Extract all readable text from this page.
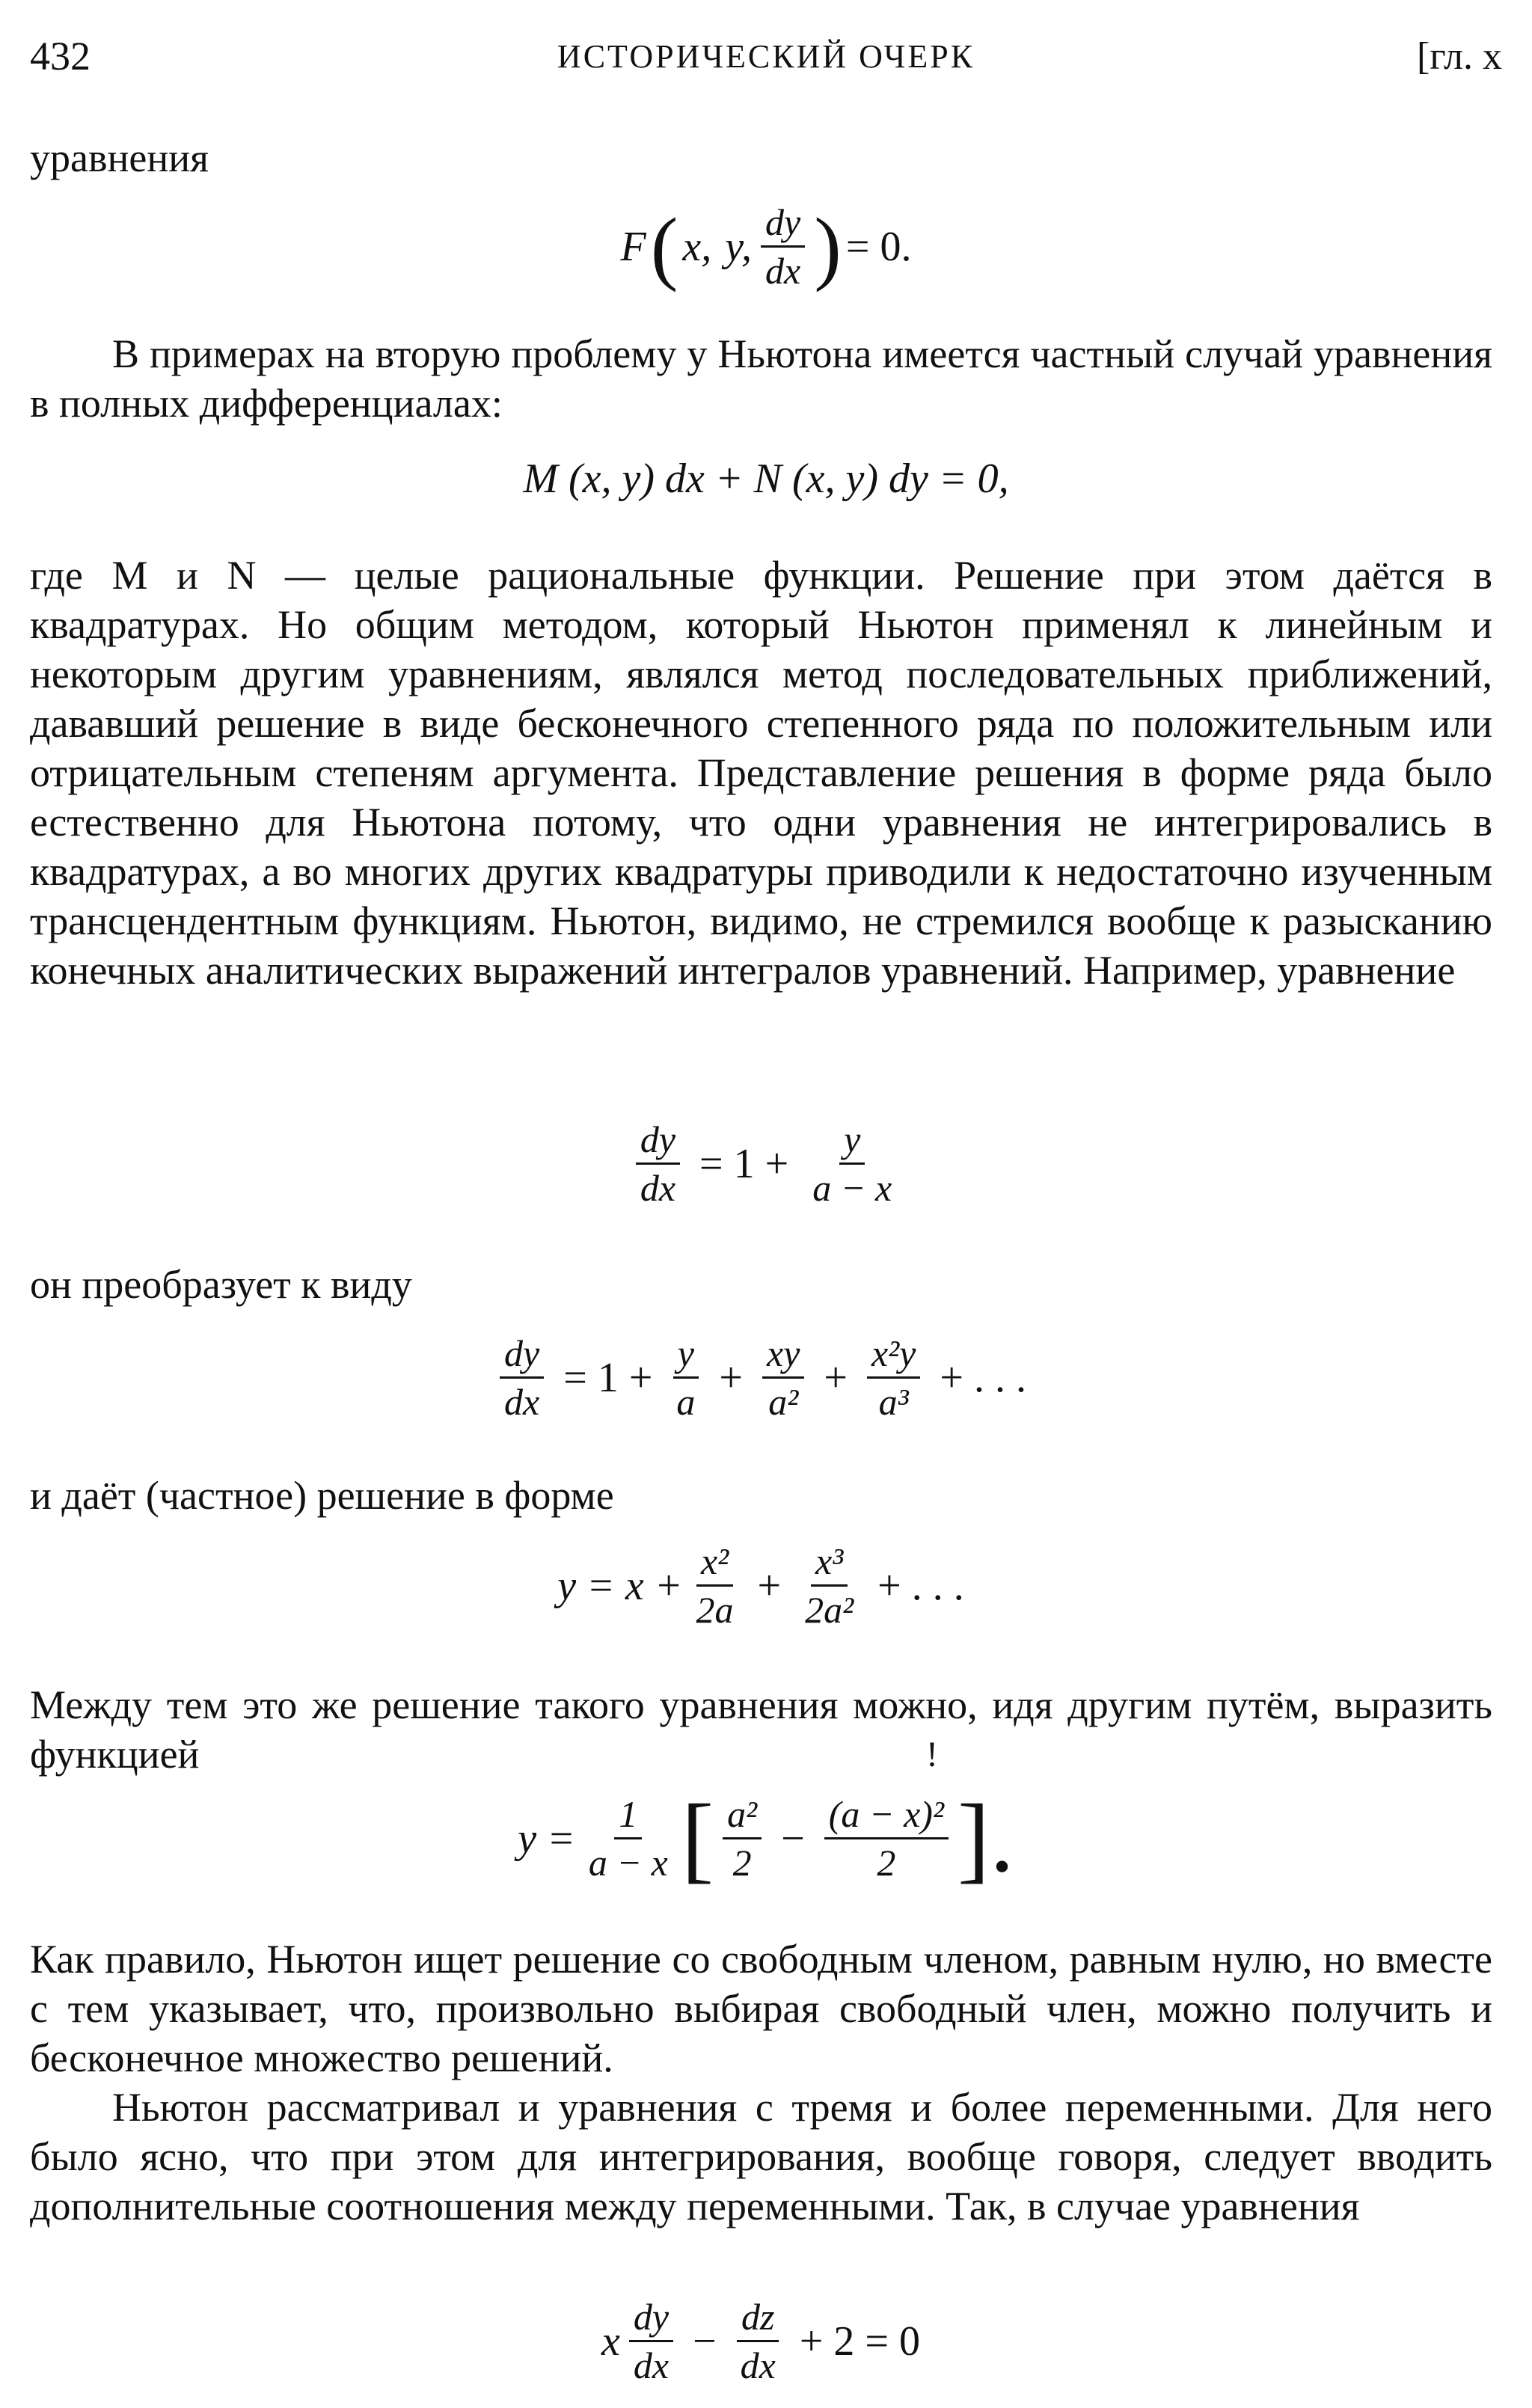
432	ИСТОРИЧЕСКИЙ ОЧЕРК	[гл. х
уравнения
F ( x, y, $\frac{dy}{dx}$ ) = 0.
В примерах на вторую проблему у Ньютона имеется частный случай уравнения в полных дифференциалах:
M (x, y) dx + N (x, y) dy = 0,
где M и N — целые рациональные функции. Решение при этом даётся в квадратурах. Но общим методом, который Ньютон применял к линейным и некоторым другим уравнениям, являлся метод последовательных приближений, дававший решение в виде бесконечного степенного ряда по положительным или отрицательным степеням аргумента. Представление решения в форме ряда было естественно для Ньютона потому, что одни уравнения не интегрировались в квадратурах, а во многих других квадратуры приводили к недостаточно изученным трансцендентным функциям. Ньютон, видимо, не стремился вообще к разысканию конечных аналитических выражений интегралов уравнений. Например, уравнение
$\frac{dy}{dx} = 1 + \frac{y}{a - x}$
он преобразует к виду
$\frac{dy}{dx} = 1 + \frac{y}{a} + \frac{xy}{\text{a²}} + \frac{\text{x²y}}{\text{a³}}$ + . . .
и даёт (частное) решение в форме
$y = x + \frac{\text{x²}}{2a} + \frac{\text{x³}}{\text{2a²}}$ + . . .
Между тем это же решение такого уравнения можно, идя другим путём, выразить функцией
$y = \frac{1}{a - x}$ [ $\frac{\text{a²}}{2} - \frac{\text{(a − x)²}}{2}$ ].
!
Как правило, Ньютон ищет решение со свободным членом, равным нулю, но вместе с тем указывает, что, произвольно выбирая свободный член, можно получить и бесконечное множество решений.
Ньютон рассматривал и уравнения с тремя и более переменными. Для него было ясно, что при этом для интегрирования, вообще говоря, следует вводить дополнительные соотношения между переменными. Так, в случае уравнения
x $\frac{dy}{dx} - \frac{dz}{dx} + 2 = 0$
